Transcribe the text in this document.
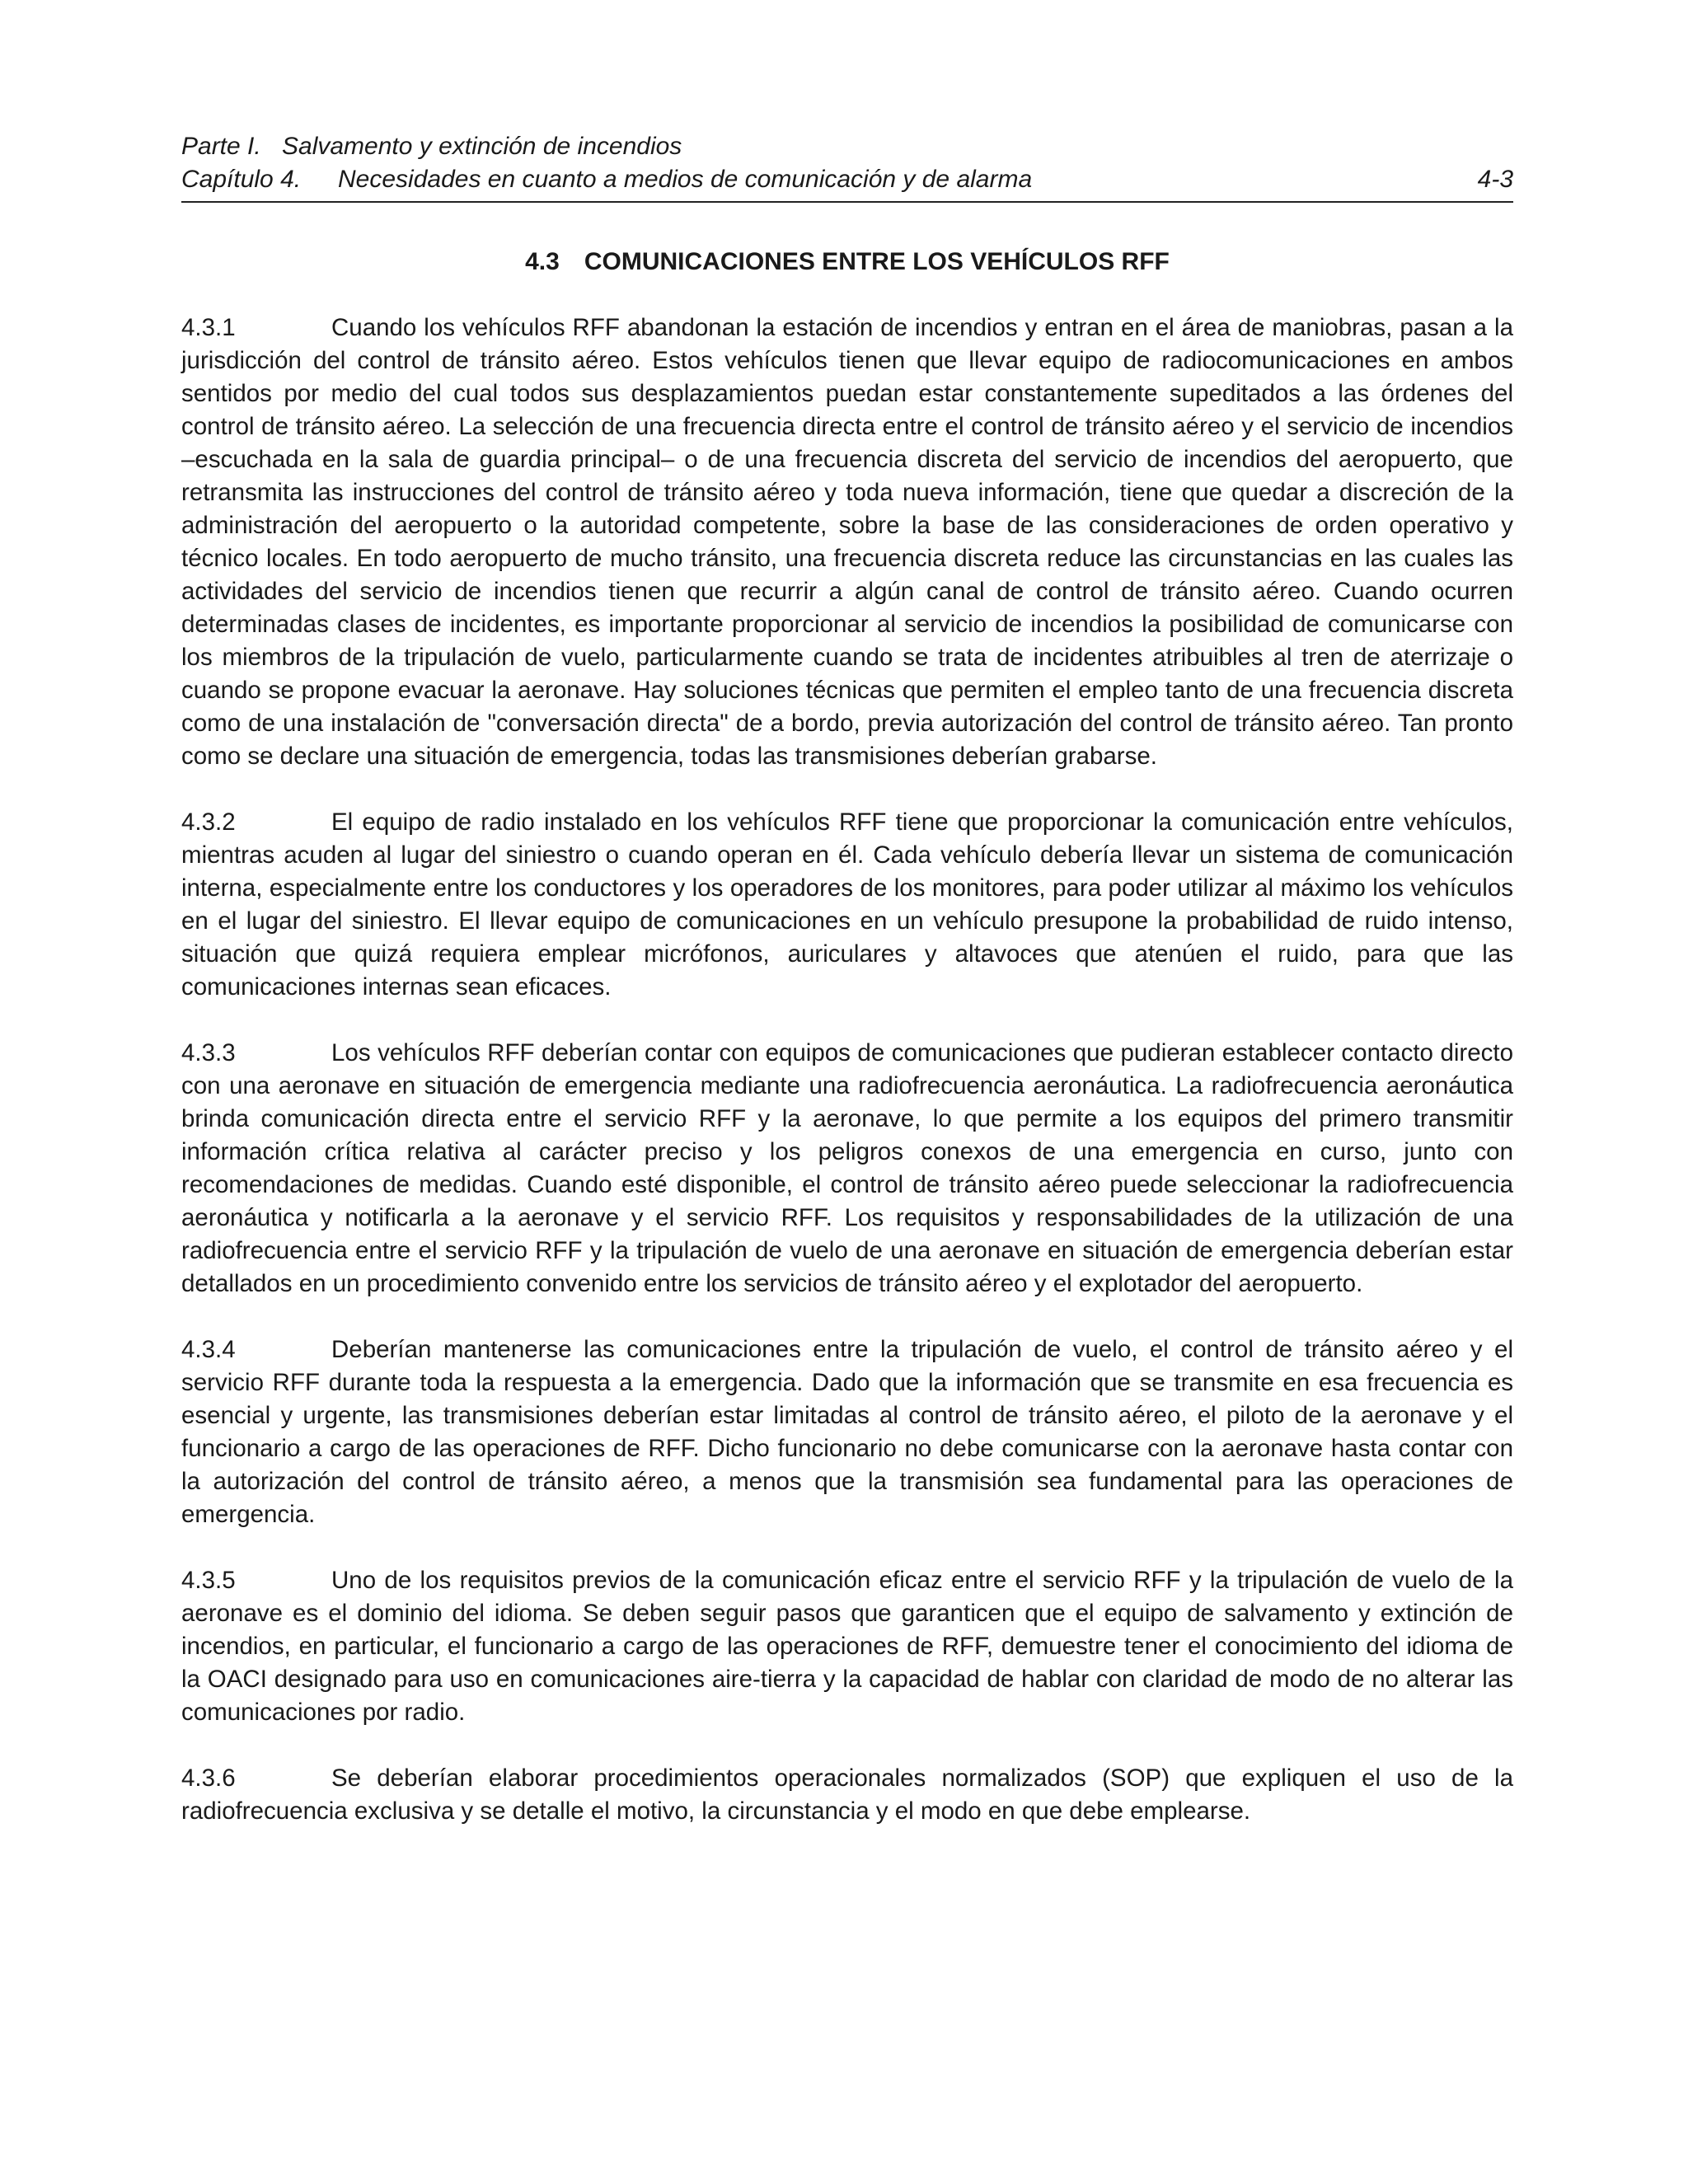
Parte I. Salvamento y extinción de incendios
Capítulo 4.	Necesidades en cuanto a medios de comunicación y de alarma	4-3
4.3 COMUNICACIONES ENTRE LOS VEHÍCULOS RFF

4.3.1	Cuando los vehículos RFF abandonan la estación de incendios y entran en el área de maniobras, pasan a la jurisdicción del control de tránsito aéreo. Estos vehículos tienen que llevar equipo de radiocomunicaciones en ambos sentidos por medio del cual todos sus desplazamientos puedan estar constantemente supeditados a las órdenes del control de tránsito aéreo. La selección de una frecuencia directa entre el control de tránsito aéreo y el servicio de incendios –escuchada en la sala de guardia principal– o de una frecuencia discreta del servicio de incendios del aeropuerto, que retransmita las instrucciones del control de tránsito aéreo y toda nueva información, tiene que quedar a discreción de la administración del aeropuerto o la autoridad competente, sobre la base de las consideraciones de orden operativo y técnico locales. En todo aeropuerto de mucho tránsito, una frecuencia discreta reduce las circunstancias en las cuales las actividades del servicio de incendios tienen que recurrir a algún canal de control de tránsito aéreo. Cuando ocurren determinadas clases de incidentes, es importante proporcionar al servicio de incendios la posibilidad de comunicarse con los miembros de la tripulación de vuelo, particularmente cuando se trata de incidentes atribuibles al tren de aterrizaje o cuando se propone evacuar la aeronave. Hay soluciones técnicas que permiten el empleo tanto de una frecuencia discreta como de una instalación de "conversación directa" de a bordo, previa autorización del control de tránsito aéreo. Tan pronto como se declare una situación de emergencia, todas las transmisiones deberían grabarse.

4.3.2	El equipo de radio instalado en los vehículos RFF tiene que proporcionar la comunicación entre vehículos, mientras acuden al lugar del siniestro o cuando operan en él. Cada vehículo debería llevar un sistema de comunicación interna, especialmente entre los conductores y los operadores de los monitores, para poder utilizar al máximo los vehículos en el lugar del siniestro. El llevar equipo de comunicaciones en un vehículo presupone la probabilidad de ruido intenso, situación que quizá requiera emplear micrófonos, auriculares y altavoces que atenúen el ruido, para que las comunicaciones internas sean eficaces.

4.3.3	Los vehículos RFF deberían contar con equipos de comunicaciones que pudieran establecer contacto directo con una aeronave en situación de emergencia mediante una radiofrecuencia aeronáutica. La radiofrecuencia aeronáutica brinda comunicación directa entre el servicio RFF y la aeronave, lo que permite a los equipos del primero transmitir información crítica relativa al carácter preciso y los peligros conexos de una emergencia en curso, junto con recomendaciones de medidas. Cuando esté disponible, el control de tránsito aéreo puede seleccionar la radiofrecuencia aeronáutica y notificarla a la aeronave y el servicio RFF. Los requisitos y responsabilidades de la utilización de una radiofrecuencia entre el servicio RFF y la tripulación de vuelo de una aeronave en situación de emergencia deberían estar detallados en un procedimiento convenido entre los servicios de tránsito aéreo y el explotador del aeropuerto.

4.3.4	Deberían mantenerse las comunicaciones entre la tripulación de vuelo, el control de tránsito aéreo y el servicio RFF durante toda la respuesta a la emergencia. Dado que la información que se transmite en esa frecuencia es esencial y urgente, las transmisiones deberían estar limitadas al control de tránsito aéreo, el piloto de la aeronave y el funcionario a cargo de las operaciones de RFF. Dicho funcionario no debe comunicarse con la aeronave hasta contar con la autorización del control de tránsito aéreo, a menos que la transmisión sea fundamental para las operaciones de emergencia.

4.3.5	Uno de los requisitos previos de la comunicación eficaz entre el servicio RFF y la tripulación de vuelo de la aeronave es el dominio del idioma. Se deben seguir pasos que garanticen que el equipo de salvamento y extinción de incendios, en particular, el funcionario a cargo de las operaciones de RFF, demuestre tener el conocimiento del idioma de la OACI designado para uso en comunicaciones aire-tierra y la capacidad de hablar con claridad de modo de no alterar las comunicaciones por radio.

4.3.6	Se deberían elaborar procedimientos operacionales normalizados (SOP) que expliquen el uso de la radiofrecuencia exclusiva y se detalle el motivo, la circunstancia y el modo en que debe emplearse.
